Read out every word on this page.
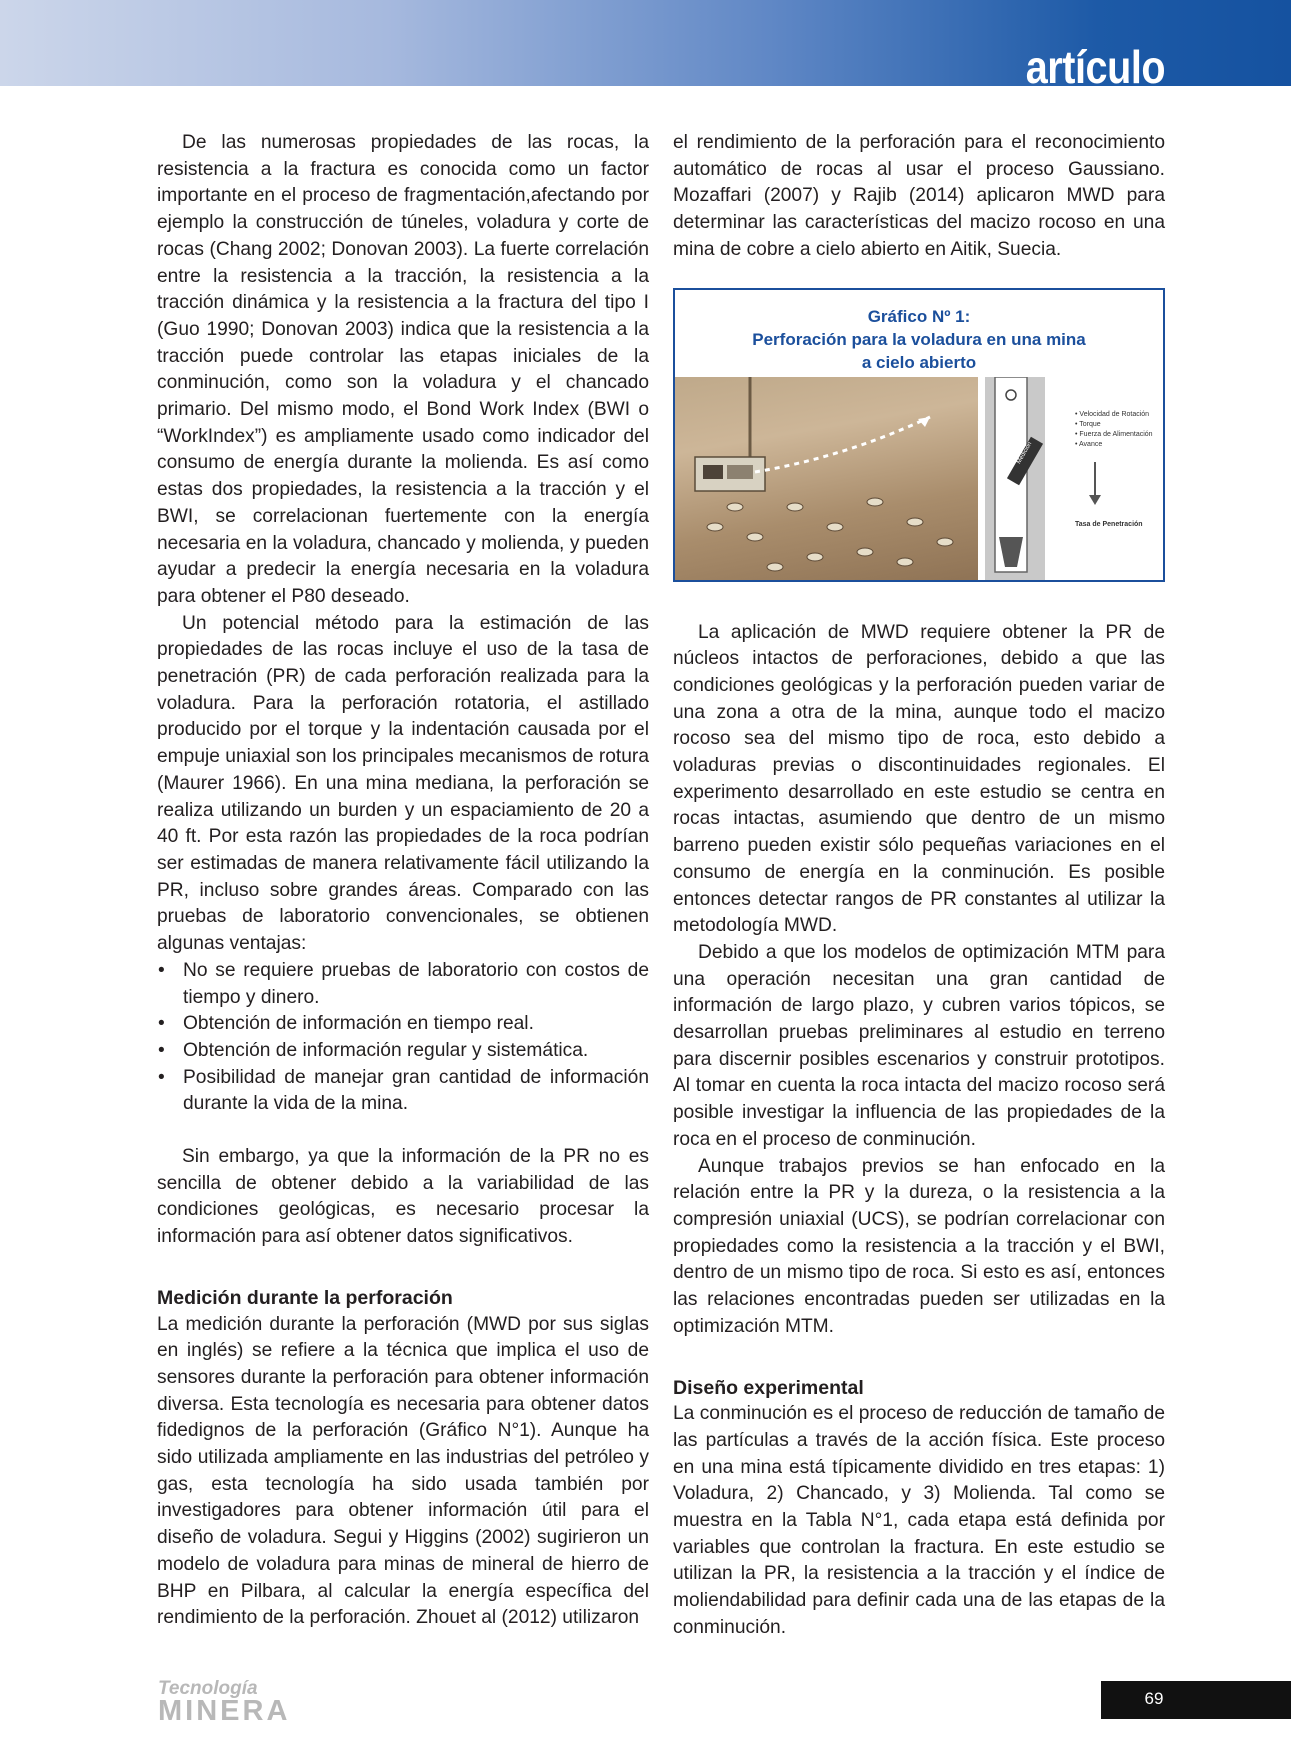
artículo

De las numerosas propiedades de las rocas, la resistencia a la fractura es conocida como un factor importante en el proceso de fragmentación,afectando por ejemplo la construcción de túneles, voladura y corte de rocas (Chang 2002; Donovan 2003). La fuerte correlación entre la resistencia a la tracción, la resistencia a la tracción dinámica y la resistencia a la fractura del tipo I (Guo 1990; Donovan 2003) indica que la resistencia a la tracción puede controlar las etapas iniciales de la conminución, como son la voladura y el chancado primario. Del mismo modo, el Bond Work Index (BWI o “WorkIndex”) es ampliamente usado como indicador del consumo de energía durante la molienda. Es así como estas dos propiedades, la resistencia a la tracción y el BWI, se correlacionan fuertemente con la energía necesaria en la voladura, chancado y molienda, y pueden ayudar a predecir la energía necesaria en la voladura para obtener el P80 deseado.

Un potencial método para la estimación de las propiedades de las rocas incluye el uso de la tasa de penetración (PR) de cada perforación realizada para la voladura. Para la perforación rotatoria, el astillado producido por el torque y la indentación causada por el empuje uniaxial son los principales mecanismos de rotura (Maurer 1966). En una mina mediana, la perforación se realiza utilizando un burden y un espaciamiento de 20 a 40 ft. Por esta razón las propiedades de la roca podrían ser estimadas de manera relativamente fácil utilizando la PR, incluso sobre grandes áreas. Comparado con las pruebas de laboratorio convencionales, se obtienen algunas ventajas:

• No se requiere pruebas de laboratorio con costos de tiempo y dinero.
• Obtención de información en tiempo real.
• Obtención de información regular y sistemática.
• Posibilidad de manejar gran cantidad de información durante la vida de la mina.

Sin embargo, ya que la información de la PR no es sencilla de obtener debido a la variabilidad de las condiciones geológicas, es necesario procesar la información para así obtener datos significativos.

Medición durante la perforación

La medición durante la perforación (MWD por sus siglas en inglés) se refiere a la técnica que implica el uso de sensores durante la perforación para obtener información diversa. Esta tecnología es necesaria para obtener datos fidedignos de la perforación (Gráfico N°1). Aunque ha sido utilizada ampliamente en las industrias del petróleo y gas, esta tecnología ha sido usada también por investigadores para obtener información útil para el diseño de voladura. Segui y Higgins (2002) sugirieron un modelo de voladura para minas de mineral de hierro de BHP en Pilbara, al calcular la energía específica del rendimiento de la perforación. Zhouet al (2012) utilizaron

el rendimiento de la perforación para el reconocimiento automático de rocas al usar el proceso Gaussiano. Mozaffari (2007) y Rajib (2014) aplicaron MWD para determinar las características del macizo rocoso en una mina de cobre a cielo abierto en Aitik, Suecia.

Gráfico Nº 1:
Perforación para la voladura en una mina
a cielo abierto
• Velocidad de Rotación
• Torque
• Fuerza de Alimentación
• Avance
Tasa de Penetración
Medición

La aplicación de MWD requiere obtener la PR de núcleos intactos de perforaciones, debido a que las condiciones geológicas y la perforación pueden variar de una zona a otra de la mina, aunque todo el macizo rocoso sea del mismo tipo de roca, esto debido a voladuras previas o discontinuidades regionales. El experimento desarrollado en este estudio se centra en rocas intactas, asumiendo que dentro de un mismo barreno pueden existir sólo pequeñas variaciones en el consumo de energía en la conminución. Es posible entonces detectar rangos de PR constantes al utilizar la metodología MWD.

Debido a que los modelos de optimización MTM para una operación necesitan una gran cantidad de información de largo plazo, y cubren varios tópicos, se desarrollan pruebas preliminares al estudio en terreno para discernir posibles escenarios y construir prototipos. Al tomar en cuenta la roca intacta del macizo rocoso será posible investigar la influencia de las propiedades de la roca en el proceso de conminución.

Aunque trabajos previos se han enfocado en la relación entre la PR y la dureza, o la resistencia a la compresión uniaxial (UCS), se podrían correlacionar con propiedades como la resistencia a la tracción y el BWI, dentro de un mismo tipo de roca. Si esto es así, entonces las relaciones encontradas pueden ser utilizadas en la optimización MTM.

Diseño experimental

La conminución es el proceso de reducción de tamaño de las partículas a través de la acción física. Este proceso en una mina está típicamente dividido en tres etapas: 1) Voladura, 2) Chancado, y 3) Molienda. Tal como se muestra en la Tabla N°1, cada etapa está definida por variables que controlan la fractura. En este estudio se utilizan la PR, la resistencia a la tracción y el índice de moliendabilidad para definir cada una de las etapas de la conminución.

Tecnología
MINERA	69
